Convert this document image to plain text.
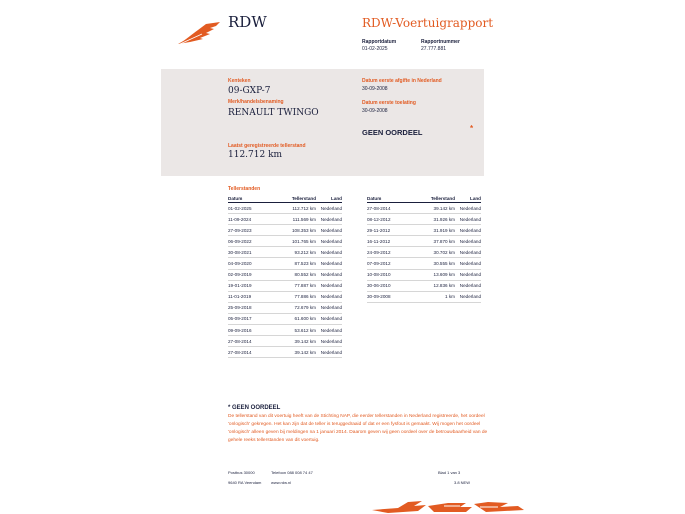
RDW	RDW-Voertuigrapport
Rapportdatum
01-02-2025
Rapportnummer
27.777.881
Kenteken
09-GXP-7
Merk/handelsbenaming
RENAULT TWINGO
Laatst geregistreerde tellerstand
112.712 km
Datum eerste afgifte in Nederland
30-09-2008
Datum eerste toelating
30-09-2008
GEEN OORDEEL	*
Tellerstanden
Datum	Tellerstand	Land
01-02-2025	112.712 km	Nederland
11-09-2024	111.569 km	Nederland
27-09-2023	108.353 km	Nederland
06-09-2022	101.765 km	Nederland
30-08-2021	93.212 km	Nederland
04-09-2020	87.523 km	Nederland
02-09-2019	80.552 km	Nederland
19-01-2019	77.887 km	Nederland
11-01-2019	77.886 km	Nederland
25-09-2018	72.679 km	Nederland
05-09-2017	61.600 km	Nederland
09-09-2016	53.612 km	Nederland
27-08-2014	39.142 km	Nederland
27-08-2014	39.142 km	Nederland
Datum	Tellerstand	Land
27-08-2014	39.142 km	Nederland
08-12-2012	31.926 km	Nederland
29-11-2012	31.919 km	Nederland
16-11-2012	37.870 km	Nederland
24-09-2012	30.702 km	Nederland
07-09-2012	30.555 km	Nederland
10-08-2010	13.609 km	Nederland
30-06-2010	12.836 km	Nederland
30-09-2008	1 km	Nederland
* GEEN OORDEEL
De tellerstand van dit voertuig heeft van de Stichting NAP, die eerder tellerstanden in Nederland registreerde, het oordeel 'onlogisch' gekregen. Het kan zijn dat de teller is teruggedraaid of dat er een fysfout is gemaakt. Wij mogen het oordeel 'onlogisch' alleen geven bij meldingen na 1 januari 2014. Daarom geven wij geen oordeel over de betrouwbaarheid van de gehele reeks tellerstanden van dit voertuig.
Postbus 30000
9640 RA Veendam
Telefoon 088 008 74 47
www.rdw.nl
Blad 1 van 3
3.8 NEW
